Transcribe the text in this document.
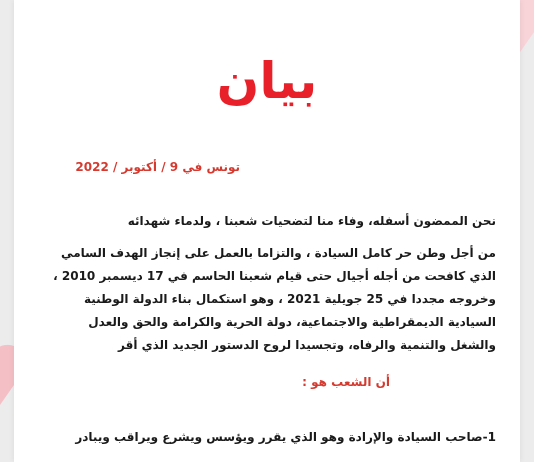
بيان
تونس في 9 / أكتوبر / 2022

نحن الممضون أسفله، وفاء منا لتضحيات شعبنا ، ولدماء شهدائه

من أجل وطن حر كامل السيادة ، والتزاما بالعمل على إنجاز الهدف السامي

الذي كافحت من أجله أجيال حتى قيام شعبنا الحاسم في 17 ديسمبر 2010 ،

وخروجه مجددا في 25 جويلية 2021 ، وهو استكمال بناء الدولة الوطنية

السيادية الديمقراطية والاجتماعية، دولة الحرية والكرامة والحق والعدل

والشغل والتنمية والرفاه، وتجسيدا لروح الدستور الجديد الذي أقر

أن الشعب هو :
1-صاحب السيادة والإرادة وهو الذي يقرر ويؤسس ويشرع ويراقب ويبادر
